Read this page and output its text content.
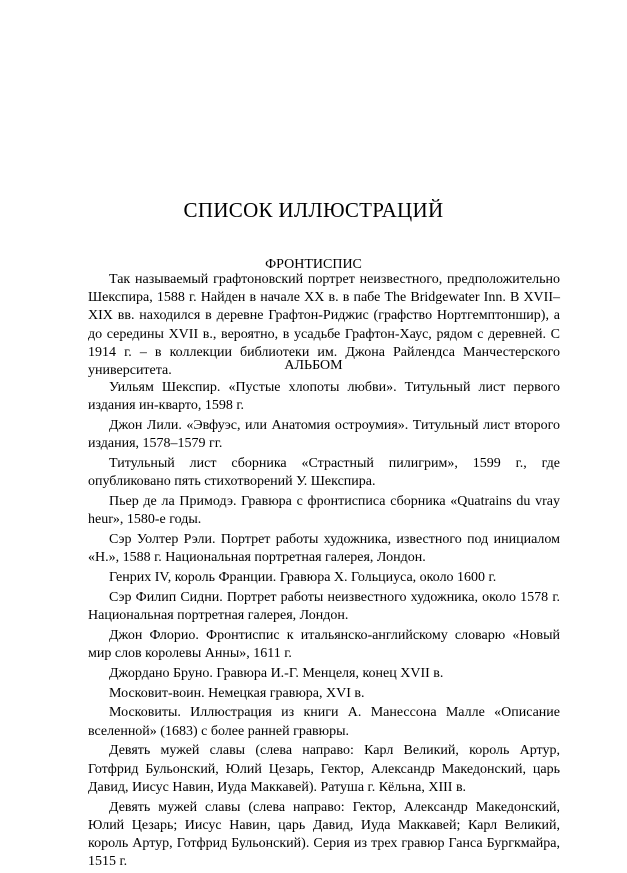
СПИСОК ИЛЛЮСТРАЦИЙ
ФРОНТИСПИС

Так называемый графтоновский портрет неизвестного, предположительно Шекспира, 1588 г. Найден в начале XX в. в пабе The Bridgewater Inn. В XVII–XIX вв. находился в деревне Графтон-Риджис (графство Нортгемптоншир), а до середины XVII в., вероятно, в усадьбе Графтон-Хаус, рядом с деревней. С 1914 г. – в коллекции библиотеки им. Джона Райлендса Манчестерского университета.	АЛЬБОМ

Уильям Шекспир. «Пустые хлопоты любви». Титульный лист первого издания ин-кварто, 1598 г.

Джон Лили. «Эвфуэс, или Анатомия остроумия». Титульный лист второго издания, 1578–1579 гг.

Титульный лист сборника «Страстный пилигрим», 1599 г., где опубликовано пять стихотворений У. Шекспира.

Пьер де ла Примодэ. Гравюра с фронтисписа сборника «Quatrains du vray heur», 1580-е годы.

Сэр Уолтер Рэли. Портрет работы художника, известного под инициалом «Н.», 1588 г. Национальная портретная галерея, Лондон.

Генрих IV, король Франции. Гравюра Х. Гольциуса, около 1600 г.

Сэр Филип Сидни. Портрет работы неизвестного художника, около 1578 г. Национальная портретная галерея, Лондон.

Джон Флорио. Фронтиспис к итальянско-английскому словарю «Новый мир слов королевы Анны», 1611 г.

Джордано Бруно. Гравюра И.-Г. Менцеля, конец XVII в.

Московит-воин. Немецкая гравюра, XVI в.

Московиты. Иллюстрация из книги А. Манессона Малле «Описание вселенной» (1683) с более ранней гравюры.

Девять мужей славы (слева направо: Карл Великий, король Артур, Готфрид Бульонский, Юлий Цезарь, Гектор, Александр Македонский, царь Давид, Иисус Навин, Иуда Маккавей). Ратуша г. Кёльна, XIII в.

Девять мужей славы (слева направо: Гектор, Александр Македонский, Юлий Цезарь; Иисус Навин, царь Давид, Иуда Маккавей; Карл Великий, король Артур, Готфрид Бульонский). Серия из трех гравюр Ганса Бургкмайра, 1515 г.
